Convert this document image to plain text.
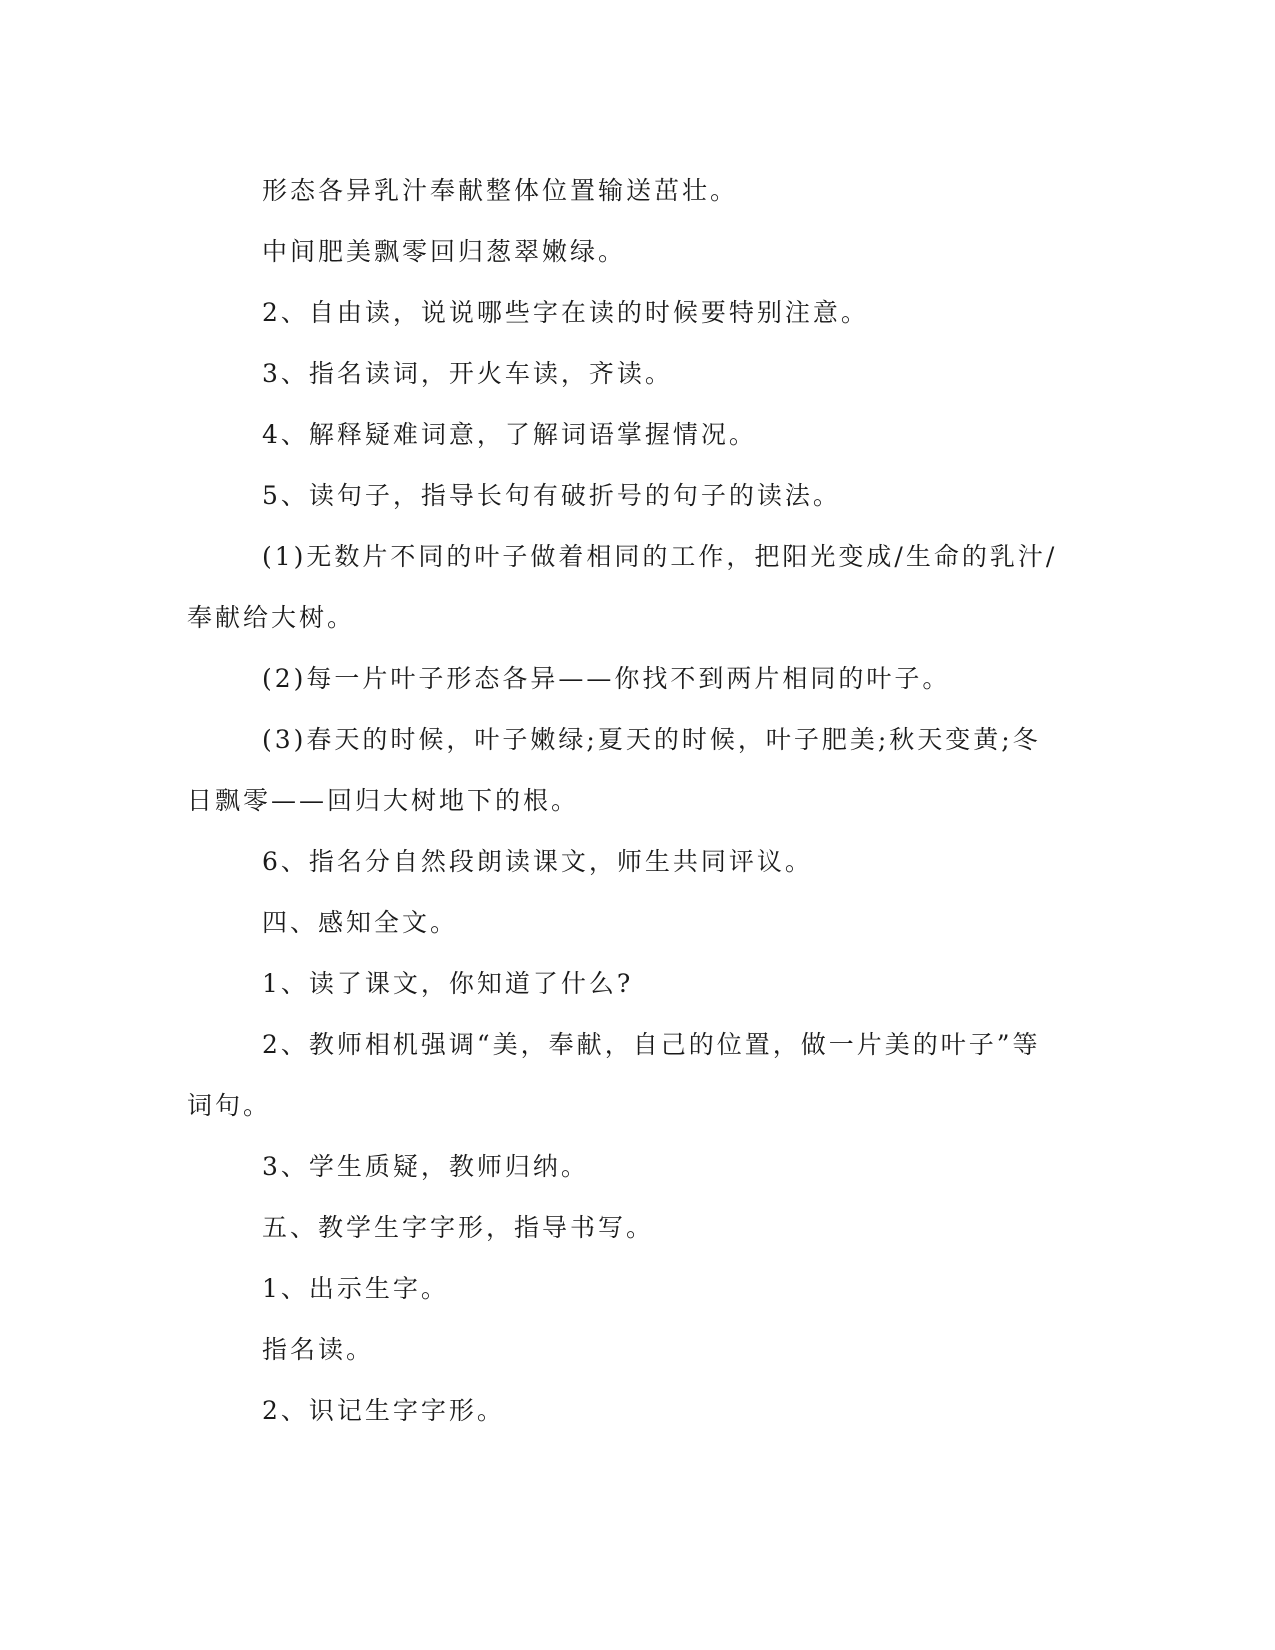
形态各异乳汁奉献整体位置输送茁壮。

中间肥美飘零回归葱翠嫩绿。

2、自由读，说说哪些字在读的时候要特别注意。

3、指名读词，开火车读，齐读。

4、解释疑难词意，了解词语掌握情况。

5、读句子，指导长句有破折号的句子的读法。

(1)无数片不同的叶子做着相同的工作，把阳光变成/生命的乳汁/奉献给大树。

(2)每一片叶子形态各异——你找不到两片相同的叶子。

(3)春天的时候，叶子嫩绿;夏天的时候，叶子肥美;秋天变黄;冬日飘零——回归大树地下的根。

6、指名分自然段朗读课文，师生共同评议。

四、感知全文。

1、读了课文，你知道了什么?

2、教师相机强调“美，奉献，自己的位置，做一片美的叶子”等词句。

3、学生质疑，教师归纳。

五、教学生字字形，指导书写。

1、出示生字。

指名读。

2、识记生字字形。
